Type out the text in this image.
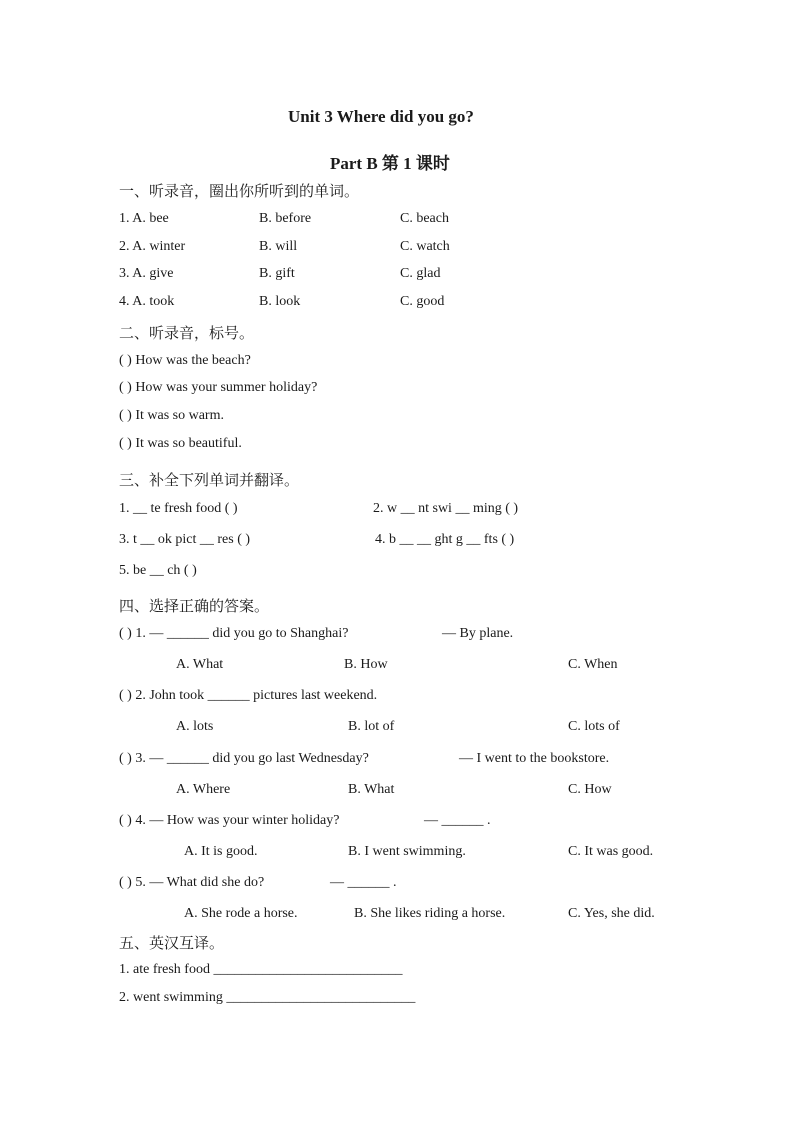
Unit 3 Where did you go?
Part B 第 1 课时
一、听录音，圈出你所听到的单词。
1. A. bee	B. before	C. beach
2. A. winter	B. will	C. watch
3. A. give	B. gift	C. glad
4. A. took	B. look	C. good
二、听录音，标号。
( ) How was the beach?
( ) How was your summer holiday?
( ) It was so warm.
( ) It was so beautiful.
三、补全下列单词并翻译。
1. __ te fresh food ( )	2. w __ nt swi __ ming ( )
3. t __ ok pict __ res ( )	4. b __ __ ght g __ fts ( )
5. be __ ch ( )
四、选择正确的答案。
( ) 1. — ______ did you go to Shanghai?	— By plane.
A. What	B. How	C. When
( ) 2. John took ______ pictures last weekend.
A. lots	B. lot of	C. lots of
( ) 3. — ______ did you go last Wednesday?	— I went to the bookstore.
A. Where	B. What	C. How
( ) 4. — How was your winter holiday?	— ______ .
A. It is good.	B. I went swimming.	C. It was good.
( ) 5. — What did she do?	— ______ .
A. She rode a horse.	B. She likes riding a horse.	C. Yes, she did.
五、英汉互译。
1. ate fresh food ___________________________
2. went swimming ___________________________
